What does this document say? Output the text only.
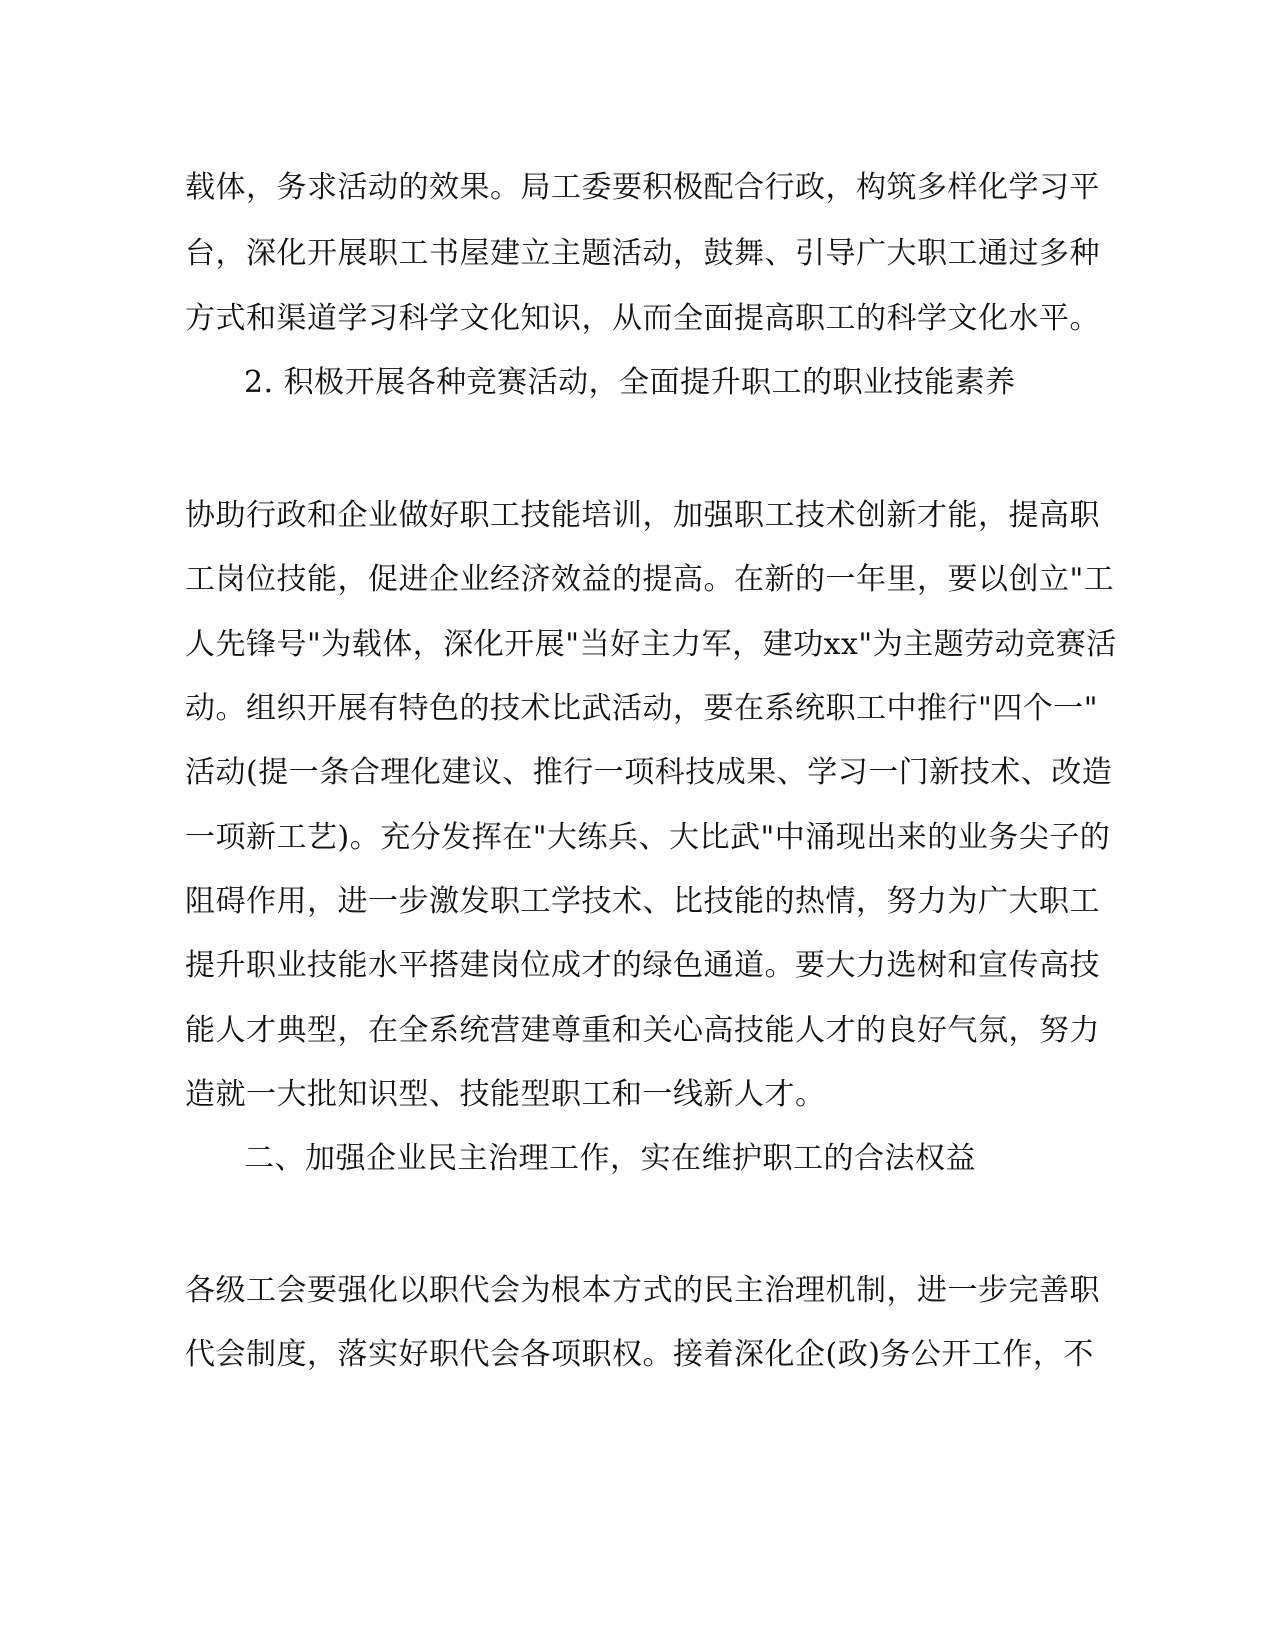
载体，务求活动的效果。局工委要积极配合行政，构筑多样化学习平
台，深化开展职工书屋建立主题活动，鼓舞、引导广大职工通过多种
方式和渠道学习科学文化知识，从而全面提高职工的科学文化水平。
2. 积极开展各种竞赛活动，全面提升职工的职业技能素养
协助行政和企业做好职工技能培训，加强职工技术创新才能，提高职
工岗位技能，促进企业经济效益的提高。在新的一年里，要以创立"工
人先锋号"为载体，深化开展"当好主力军，建功xx"为主题劳动竞赛活
动。组织开展有特色的技术比武活动，要在系统职工中推行"四个一"
活动(提一条合理化建议、推行一项科技成果、学习一门新技术、改造
一项新工艺)。充分发挥在"大练兵、大比武"中涌现出来的业务尖子的
阻碍作用，进一步激发职工学技术、比技能的热情，努力为广大职工
提升职业技能水平搭建岗位成才的绿色通道。要大力选树和宣传高技
能人才典型，在全系统营建尊重和关心高技能人才的良好气氛，努力
造就一大批知识型、技能型职工和一线新人才。
二、加强企业民主治理工作，实在维护职工的合法权益
各级工会要强化以职代会为根本方式的民主治理机制，进一步完善职
代会制度，落实好职代会各项职权。接着深化企(政)务公开工作，不
